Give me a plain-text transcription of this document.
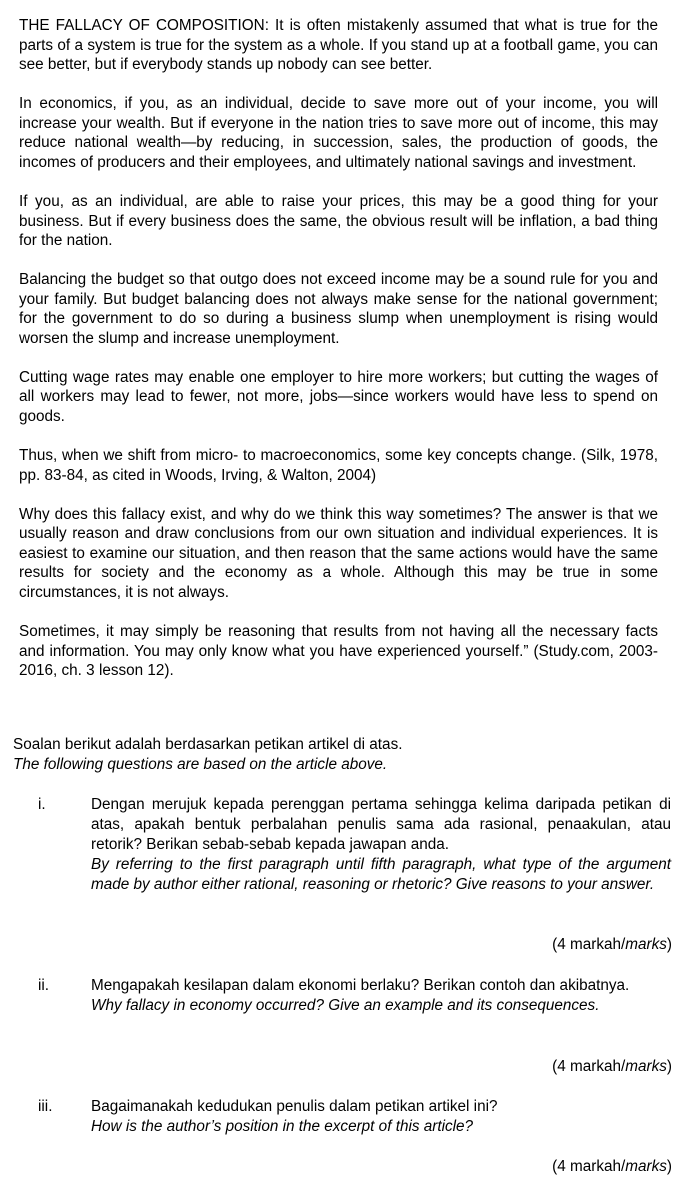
THE FALLACY OF COMPOSITION: It is often mistakenly assumed that what is true for the parts of a system is true for the system as a whole. If you stand up at a football game, you can see better, but if everybody stands up nobody can see better.

In economics, if you, as an individual, decide to save more out of your income, you will increase your wealth. But if everyone in the nation tries to save more out of income, this may reduce national wealth—by reducing, in succession, sales, the production of goods, the incomes of producers and their employees, and ultimately national savings and investment.

If you, as an individual, are able to raise your prices, this may be a good thing for your business. But if every business does the same, the obvious result will be inflation, a bad thing for the nation.

Balancing the budget so that outgo does not exceed income may be a sound rule for you and your family. But budget balancing does not always make sense for the national government; for the government to do so during a business slump when unemployment is rising would worsen the slump and increase unemployment.

Cutting wage rates may enable one employer to hire more workers; but cutting the wages of all workers may lead to fewer, not more, jobs—since workers would have less to spend on goods.

Thus, when we shift from micro- to macroeconomics, some key concepts change. (Silk, 1978, pp. 83-84, as cited in Woods, Irving, & Walton, 2004)

Why does this fallacy exist, and why do we think this way sometimes? The answer is that we usually reason and draw conclusions from our own situation and individual experiences. It is easiest to examine our situation, and then reason that the same actions would have the same results for society and the economy as a whole. Although this may be true in some circumstances, it is not always.

Sometimes, it may simply be reasoning that results from not having all the necessary facts and information. You may only know what you have experienced yourself.” (Study.com, 2003-2016, ch. 3 lesson 12).

Soalan berikut adalah berdasarkan petikan artikel di atas.
The following questions are based on the article above.
i.	Dengan merujuk kepada perenggan pertama sehingga kelima daripada petikan di atas, apakah bentuk perbalahan penulis sama ada rasional, penaakulan, atau retorik? Berikan sebab-sebab kepada jawapan anda.
By referring to the first paragraph until fifth paragraph, what type of the argument made by author either rational, reasoning or rhetoric? Give reasons to your answer.
(4 markah/marks)
ii.	Mengapakah kesilapan dalam ekonomi berlaku? Berikan contoh dan akibatnya.
Why fallacy in economy occurred? Give an example and its consequences.
(4 markah/marks)
iii.	Bagaimanakah kedudukan penulis dalam petikan artikel ini?
How is the author’s position in the excerpt of this article?
(4 markah/marks)
